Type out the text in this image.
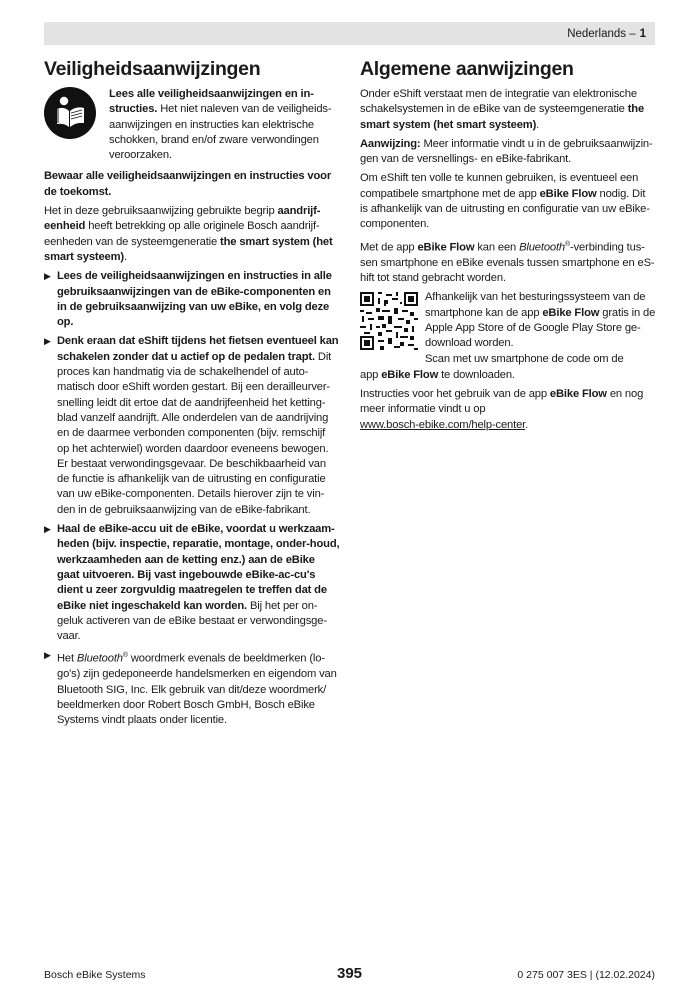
Nederlands – 1
Veiligheidsaanwijzingen
Lees alle veiligheidsaanwijzingen en in-structies. Het niet naleven van de veiligheids-aanwijzingen en instructies kan elektrische schokken, brand en/of zware verwondingen veroorzaken.

Bewaar alle veiligheidsaanwijzingen en instructies voor de toekomst.

Het in deze gebruiksaanwijzing gebruikte begrip aandrijf-eenheid heeft betrekking op alle originele Bosch aandrijf-eenheden van de systeemgeneratie the smart system (het smart systeem).

▶ Lees de veiligheidsaanwijzingen en instructies in alle gebruiksaanwijzingen van de eBike-componenten en in de gebruiksaanwijzing van uw eBike, en volg deze op.
▶ Denk eraan dat eShift tijdens het fietsen eventueel kan schakelen zonder dat u actief op de pedalen trapt. Dit proces kan handmatig via de schakelhendel of auto-matisch door eShift worden gestart. Bij een derailleurver-snelling leidt dit ertoe dat de aandrijfeenheid het ketting-blad vanzelf aandrijft. Alle onderdelen van de aandrijving en de daarmee verbonden componenten (bijv. remschijf op het achterwiel) worden daardoor eveneens bewogen. Er bestaat verwondingsgevaar. De beschikbaarheid van de functie is afhankelijk van de uitrusting en configuratie van uw eBike-componenten. Details hierover zijn te vin-den in de gebruiksaanwijzing van de eBike-fabrikant.
▶ Haal de eBike-accu uit de eBike, voordat u werkzaam-heden (bijv. inspectie, reparatie, montage, onder-houd, werkzaamheden aan de ketting enz.) aan de eBike gaat uitvoeren. Bij vast ingebouwde eBike-ac-cu's dient u zeer zorgvuldig maatregelen te treffen dat de eBike niet ingeschakeld kan worden. Bij het per on-geluk activeren van de eBike bestaat er verwondingsge-vaar.
▶ Het Bluetooth® woordmerk evenals de beeldmerken (lo-go's) zijn gedeponeerde handelsmerken en eigendom van Bluetooth SIG, Inc. Elk gebruik van dit/deze woordmerk/ beeldmerken door Robert Bosch GmbH, Bosch eBike Systems vindt plaats onder licentie.
Algemene aanwijzingen

Onder eShift verstaat men de integratie van elektronische schakelsystemen in de eBike van de systeemgeneratie the smart system (het smart systeem).

Aanwijzing: Meer informatie vindt u in de gebruiksaanwijzin-gen van de versnellings- en eBike-fabrikant.

Om eShift ten volle te kunnen gebruiken, is eventueel een compatibele smartphone met de app eBike Flow nodig. Dit is afhankelijk van de uitrusting en configuratie van uw eBike-componenten.

Met de app eBike Flow kan een Bluetooth®-verbinding tus-sen smartphone en eBike evenals tussen smartphone en eS-hift tot stand gebracht worden.

Afhankelijk van het besturingssysteem van de smartphone kan de app eBike Flow gratis in de Apple App Store of de Google Play Store ge-download worden.

Scan met uw smartphone de code om de

app eBike Flow te downloaden.

Instructies voor het gebruik van de app eBike Flow en nog meer informatie vindt u op
www.bosch-ebike.com/help-center.

Bosch eBike Systems	395	0 275 007 3ES | (12.02.2024)
